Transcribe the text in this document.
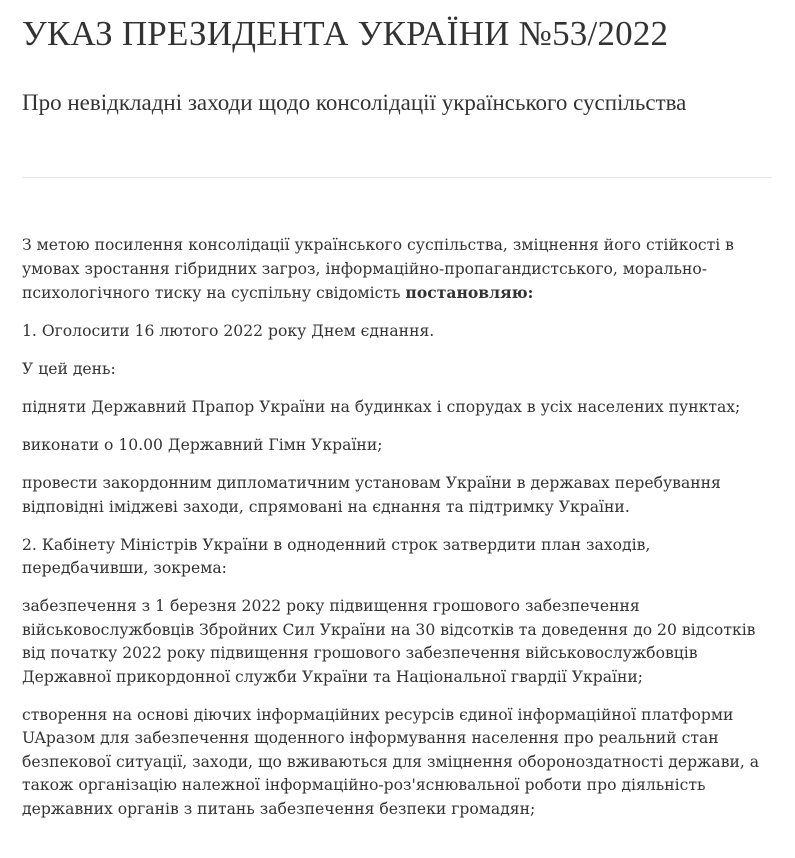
УКАЗ ПРЕЗИДЕНТА УКРАЇНИ №53/2022
Про невідкладні заходи щодо консолідації українського суспільства

З метою посилення консолідації українського суспільства, зміцнення його стійкості в умовах зростання гібридних загроз, інформаційно-пропагандистського, морально-психологічного тиску на суспільну свідомість постановляю:

1. Оголосити 16 лютого 2022 року Днем єднання.

У цей день:

підняти Державний Прапор України на будинках і спорудах в усіх населених пунктах;

виконати о 10.00 Державний Гімн України;

провести закордонним дипломатичним установам України в державах перебування відповідні іміджеві заходи, спрямовані на єднання та підтримку України.

2. Кабінету Міністрів України в одноденний строк затвердити план заходів, передбачивши, зокрема:

забезпечення з 1 березня 2022 року підвищення грошового забезпечення військовослужбовців Збройних Сил України на 30 відсотків та доведення до 20 відсотків від початку 2022 року підвищення грошового забезпечення військовослужбовців Державної прикордонної служби України та Національної гвардії України;

створення на основі діючих інформаційних ресурсів єдиної інформаційної платформи UAразом для забезпечення щоденного інформування населення про реальний стан безпекової ситуації, заходи, що вживаються для зміцнення обороноздатності держави, а також організацію належної інформаційно-роз'яснювальної роботи про діяльність державних органів з питань забезпечення безпеки громадян;
